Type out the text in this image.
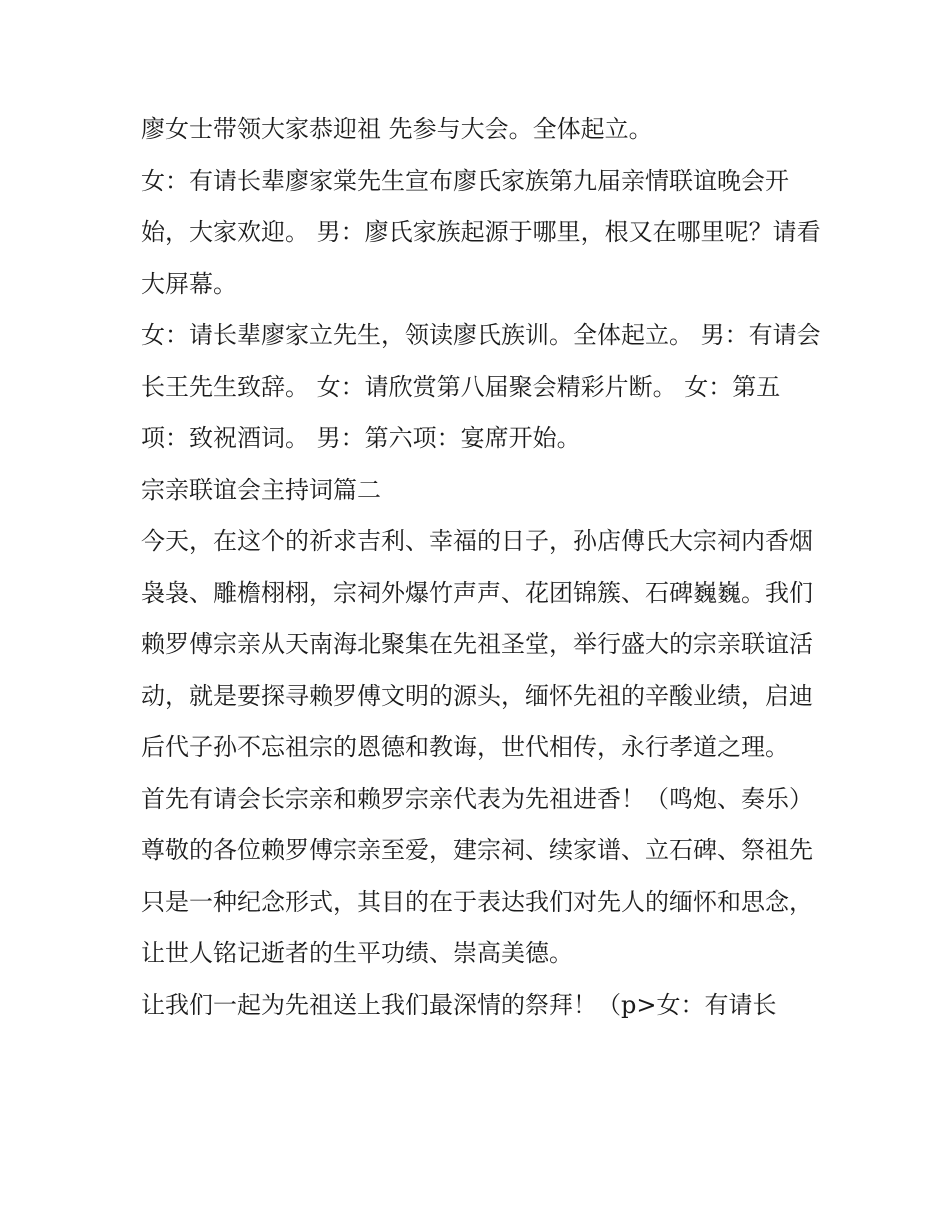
廖女士带领大家恭迎祖 先参与大会。全体起立。

女：有请长辈廖家棠先生宣布廖氏家族第九届亲情联谊晚会开始，大家欢迎。 男：廖氏家族起源于哪里，根又在哪里呢？请看大屏幕。

女：请长辈廖家立先生，领读廖氏族训。全体起立。 男：有请会长王先生致辞。 女：请欣赏第八届聚会精彩片断。 女：第五项：致祝酒词。 男：第六项：宴席开始。

宗亲联谊会主持词篇二

今天，在这个的祈求吉利、幸福的日子，孙店傅氏大宗祠内香烟袅袅、雕檐栩栩，宗祠外爆竹声声、花团锦簇、石碑巍巍。我们赖罗傅宗亲从天南海北聚集在先祖圣堂，举行盛大的宗亲联谊活动，就是要探寻赖罗傅文明的源头，缅怀先祖的辛酸业绩，启迪后代子孙不忘祖宗的恩德和教诲，世代相传，永行孝道之理。

首先有请会长宗亲和赖罗宗亲代表为先祖进香！（鸣炮、奏乐）

尊敬的各位赖罗傅宗亲至爱，建宗祠、续家谱、立石碑、祭祖先只是一种纪念形式，其目的在于表达我们对先人的缅怀和思念，让世人铭记逝者的生平功绩、崇高美德。

让我们一起为先祖送上我们最深情的祭拜！（p>女：有请长
